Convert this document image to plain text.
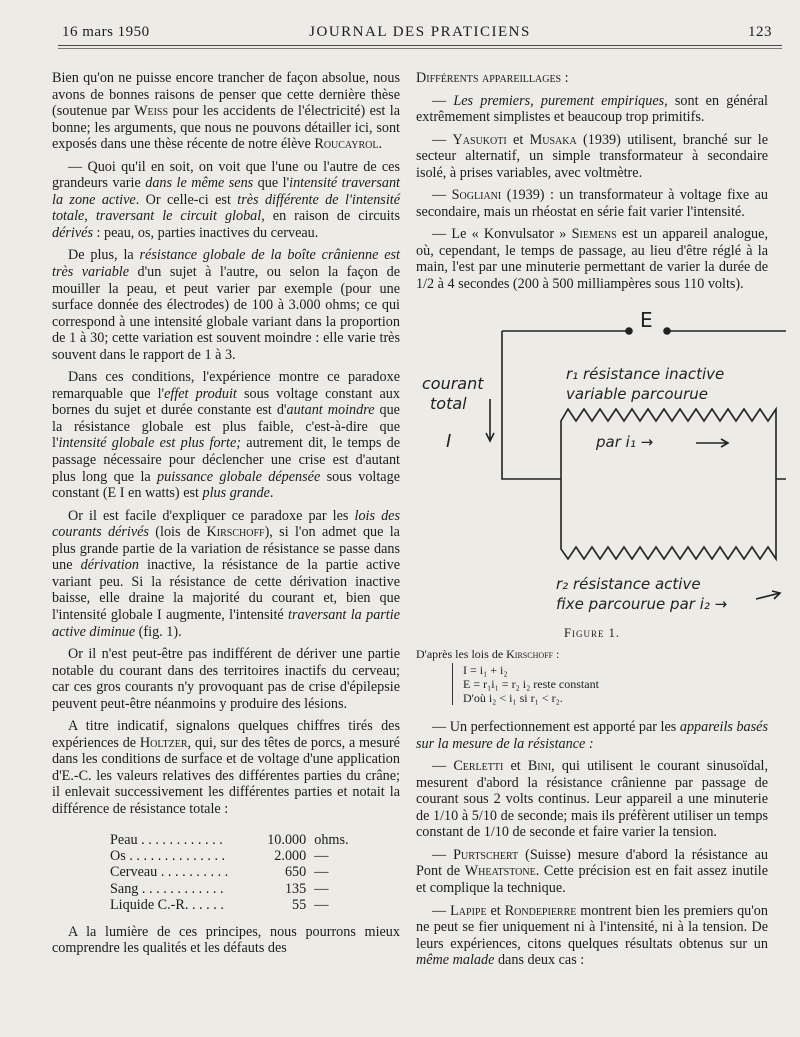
16 mars 1950	JOURNAL DES PRATICIENS	123

Bien qu'on ne puisse encore trancher de façon absolue, nous avons de bonnes raisons de penser que cette dernière thèse (soutenue par Weiss pour les accidents de l'électricité) est la bonne; les arguments, que nous ne pouvons détailler ici, sont exposés dans une thèse récente de notre élève Roucayrol.

— Quoi qu'il en soit, on voit que l'une ou l'autre de ces grandeurs varie dans le même sens que l'intensité traversant la zone active. Or celle-ci est très différente de l'intensité totale, traversant le circuit global, en raison de circuits dérivés : peau, os, parties inactives du cerveau.

De plus, la résistance globale de la boîte crânienne est très variable d'un sujet à l'autre, ou selon la façon de mouiller la peau, et peut varier par exemple (pour une surface donnée des électrodes) de 100 à 3.000 ohms; ce qui correspond à une intensité globale variant dans la proportion de 1 à 30; cette variation est souvent moindre : elle varie très souvent dans le rapport de 1 à 3.

Dans ces conditions, l'expérience montre ce paradoxe remarquable que l'effet produit sous voltage constant aux bornes du sujet et durée constante est d'autant moindre que la résistance globale est plus faible, c'est-à-dire que l'intensité globale est plus forte; autrement dit, le temps de passage nécessaire pour déclencher une crise est d'autant plus long que la puissance globale dépensée sous voltage constant (E I en watts) est plus grande.

Or il est facile d'expliquer ce paradoxe par les lois des courants dérivés (lois de Kirschoff), si l'on admet que la plus grande partie de la variation de résistance se passe dans une dérivation inactive, la résistance de la partie active variant peu. Si la résistance de cette dérivation inactive baisse, elle draine la majorité du courant et, bien que l'intensité globale I augmente, l'intensité traversant la partie active diminue (fig. 1).

Or il n'est peut-être pas indifférent de dériver une partie notable du courant dans des territoires inactifs du cerveau; car ces gros courants n'y provoquant pas de crise d'épilepsie peuvent peut-être néanmoins y produire des lésions.

A titre indicatif, signalons quelques chiffres tirés des expériences de Holtzer, qui, sur des têtes de porcs, a mesuré dans les conditions de surface et de voltage d'une application d'E.-C. les valeurs relatives des différentes parties du crâne; il enlevait successivement les différentes parties et notait la différence de résistance totale :

Peau . . . . . . . . . . . .	10.000	ohms.
Os . . . . . . . . . . . . . .	2.000	—
Cerveau . . . . . . . . . .	650	—
Sang . . . . . . . . . . . .	135	—
Liquide C.-R. . . . . .	55	—

A la lumière de ces principes, nous pourrons mieux comprendre les qualités et les défauts des

Différents appareillages :

— Les premiers, purement empiriques, sont en général extrêmement simplistes et beaucoup trop primitifs.

— Yasukoti et Musaka (1939) utilisent, branché sur le secteur alternatif, un simple transformateur à secondaire isolé, à prises variables, avec voltmètre.

— Sogliani (1939) : un transformateur à voltage fixe au secondaire, mais un rhéostat en série fait varier l'intensité.

— Le « Konvulsator » Siemens est un appareil analogue, où, cependant, le temps de passage, au lieu d'être réglé à la main, l'est par une minuterie permettant de varier la durée de 1/2 à 4 secondes (200 à 500 milliampères sous 110 volts).

E
courant
total
I
r₁ résistance inactive
variable parcourue
par i₁ →
r₂ résistance active
fixe parcourue par i₂ →
Figure 1.
D'après les lois de Kirschoff :
I = i₁ + i₂
E = r₁i₁ = r₂ i₂ reste constant
D'où i₂ < i₁ si r₁ < r₂.

— Un perfectionnement est apporté par les appareils basés sur la mesure de la résistance :

— Cerletti et Bini, qui utilisent le courant sinusoïdal, mesurent d'abord la résistance crânienne par passage de courant sous 2 volts continus. Leur appareil a une minuterie de 1/10 à 5/10 de seconde; mais ils préfèrent utiliser un temps constant de 1/10 de seconde et faire varier la tension.

— Purtschert (Suisse) mesure d'abord la résistance au Pont de Wheatstone. Cette précision est en fait assez inutile et complique la technique.

— Lapipe et Rondepierre montrent bien les premiers qu'on ne peut se fier uniquement ni à l'intensité, ni à la tension. De leurs expériences, citons quelques résultats obtenus sur un même malade dans deux cas :
